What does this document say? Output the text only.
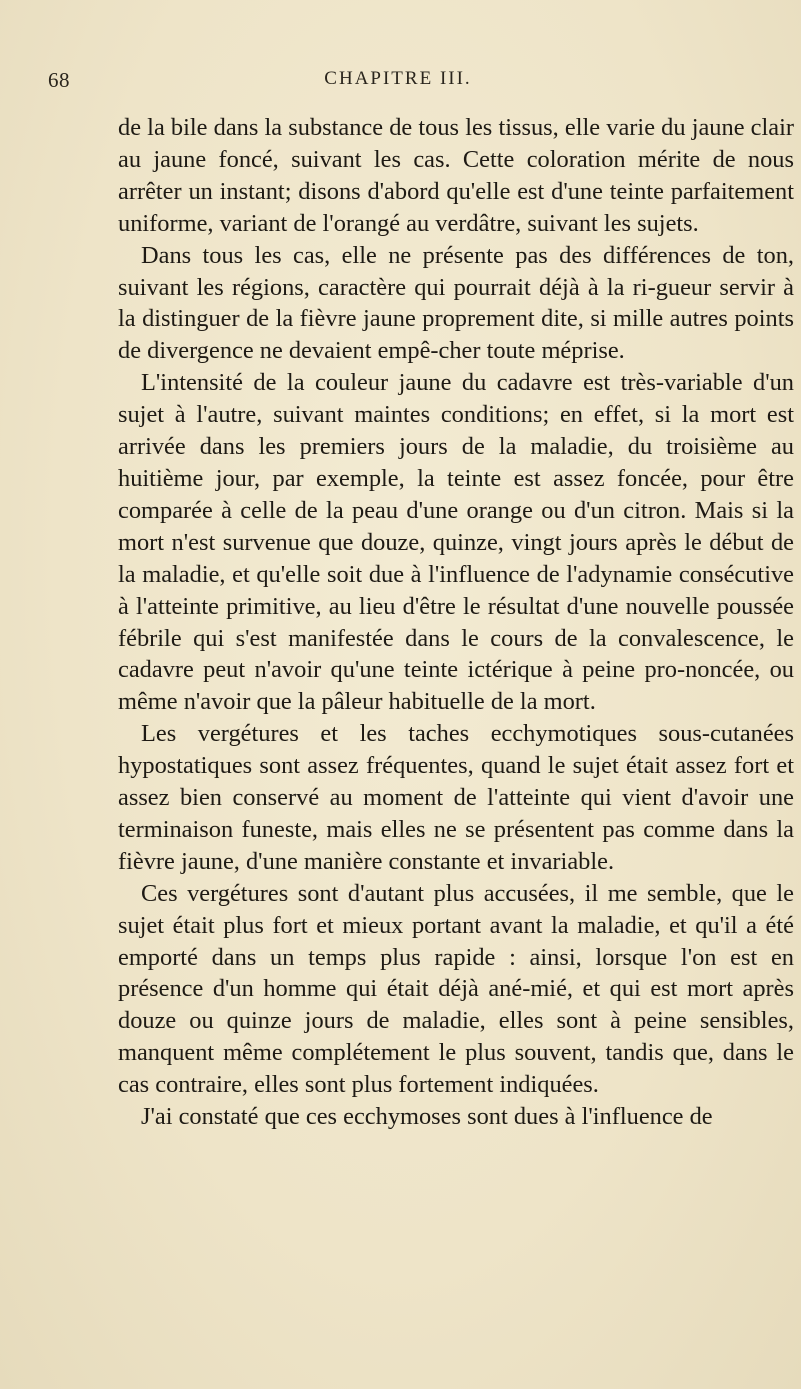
68	CHAPITRE III.

de la bile dans la substance de tous les tissus, elle varie du jaune clair au jaune foncé, suivant les cas. Cette coloration mérite de nous arrêter un instant; disons d'abord qu'elle est d'une teinte parfaitement uniforme, variant de l'orangé au verdâtre, suivant les sujets.

Dans tous les cas, elle ne présente pas des différences de ton, suivant les régions, caractère qui pourrait déjà à la ri-gueur servir à la distinguer de la fièvre jaune proprement dite, si mille autres points de divergence ne devaient empê-cher toute méprise.

L'intensité de la couleur jaune du cadavre est très-variable d'un sujet à l'autre, suivant maintes conditions; en effet, si la mort est arrivée dans les premiers jours de la maladie, du troisième au huitième jour, par exemple, la teinte est assez foncée, pour être comparée à celle de la peau d'une orange ou d'un citron. Mais si la mort n'est survenue que douze, quinze, vingt jours après le début de la maladie, et qu'elle soit due à l'influence de l'adynamie consécutive à l'atteinte primitive, au lieu d'être le résultat d'une nouvelle poussée fébrile qui s'est manifestée dans le cours de la convalescence, le cadavre peut n'avoir qu'une teinte ictérique à peine pro-noncée, ou même n'avoir que la pâleur habituelle de la mort.

Les vergétures et les taches ecchymotiques sous-cutanées hypostatiques sont assez fréquentes, quand le sujet était assez fort et assez bien conservé au moment de l'atteinte qui vient d'avoir une terminaison funeste, mais elles ne se présentent pas comme dans la fièvre jaune, d'une manière constante et invariable.

Ces vergétures sont d'autant plus accusées, il me semble, que le sujet était plus fort et mieux portant avant la maladie, et qu'il a été emporté dans un temps plus rapide : ainsi, lorsque l'on est en présence d'un homme qui était déjà ané-mié, et qui est mort après douze ou quinze jours de maladie, elles sont à peine sensibles, manquent même complétement le plus souvent, tandis que, dans le cas contraire, elles sont plus fortement indiquées.

J'ai constaté que ces ecchymoses sont dues à l'influence de
